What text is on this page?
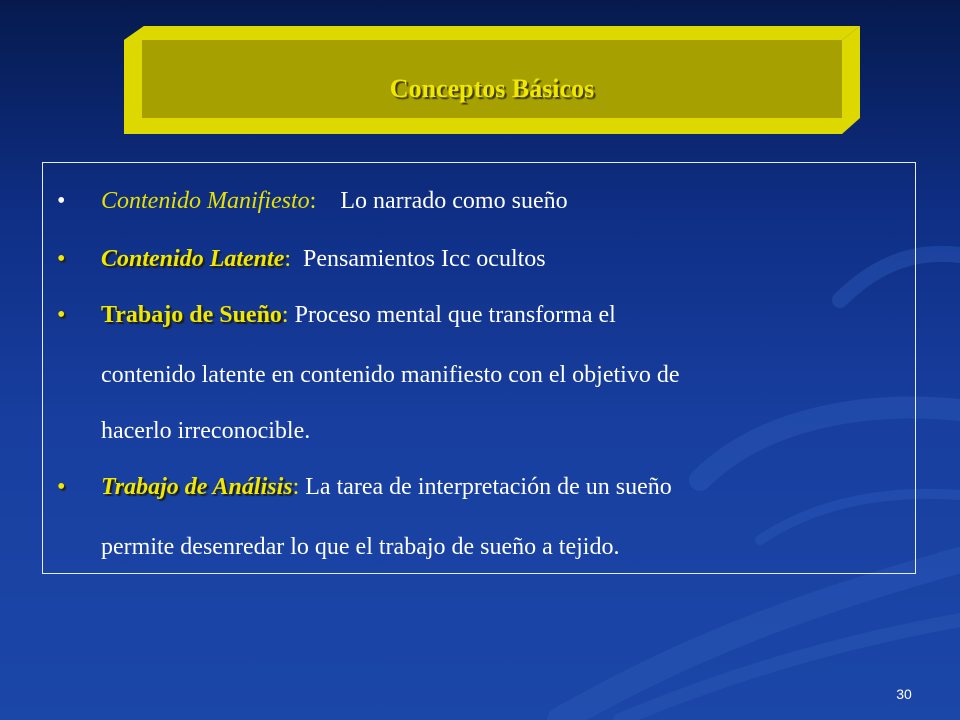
Conceptos Básicos
• Contenido Manifiesto: Lo narrado como sueño
• Contenido Latente: Pensamientos Icc ocultos
• Trabajo de Sueño: Proceso mental que transforma el
contenido latente en contenido manifiesto con el objetivo de
hacerlo irreconocible.
• Trabajo de Análisis: La tarea de interpretación de un sueño
permite desenredar lo que el trabajo de sueño a tejido.
30
